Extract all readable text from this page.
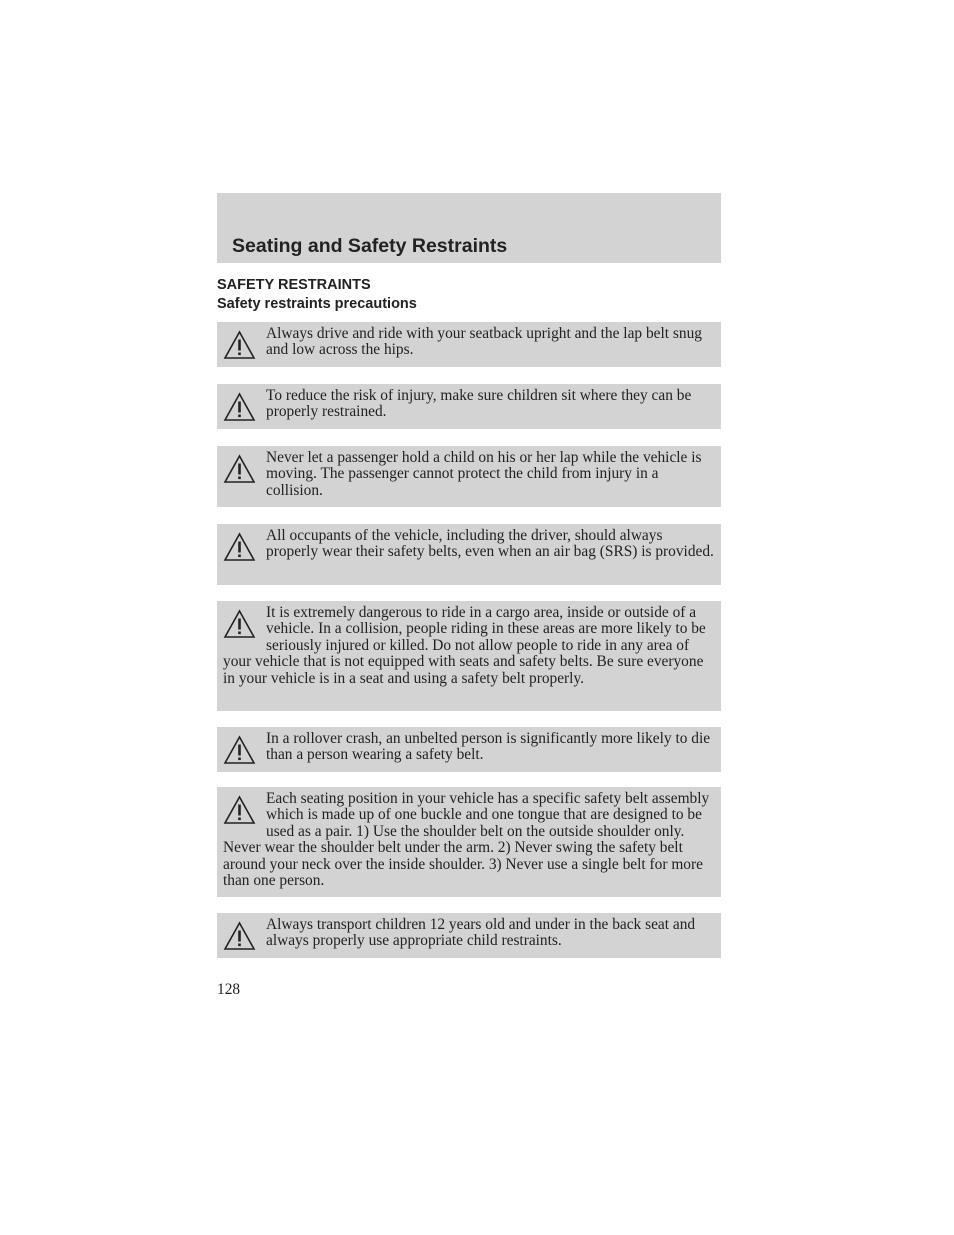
Seating and Safety Restraints
SAFETY RESTRAINTS
Safety restraints precautions
Always drive and ride with your seatback upright and the lap belt snug and low across the hips.
To reduce the risk of injury, make sure children sit where they can be properly restrained.
Never let a passenger hold a child on his or her lap while the vehicle is moving. The passenger cannot protect the child from injury in a collision.
All occupants of the vehicle, including the driver, should always properly wear their safety belts, even when an air bag (SRS) is provided.
It is extremely dangerous to ride in a cargo area, inside or outside of a vehicle. In a collision, people riding in these areas are more likely to be seriously injured or killed. Do not allow people to ride in any area of your vehicle that is not equipped with seats and safety belts. Be sure everyone in your vehicle is in a seat and using a safety belt properly.
In a rollover crash, an unbelted person is significantly more likely to die than a person wearing a safety belt.
Each seating position in your vehicle has a specific safety belt assembly which is made up of one buckle and one tongue that are designed to be used as a pair. 1) Use the shoulder belt on the outside shoulder only. Never wear the shoulder belt under the arm. 2) Never swing the safety belt around your neck over the inside shoulder. 3) Never use a single belt for more than one person.
Always transport children 12 years old and under in the back seat and always properly use appropriate child restraints.
128
